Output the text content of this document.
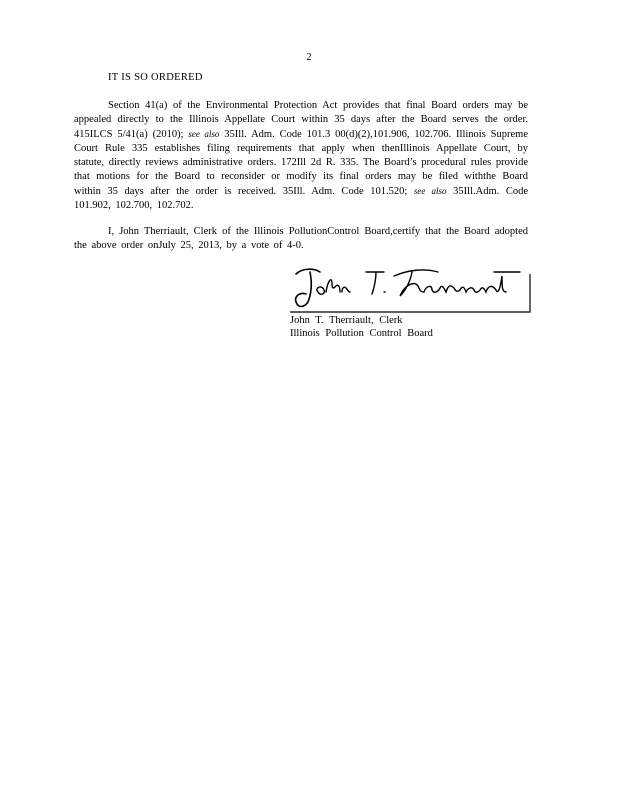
2
IT IS SO ORDERED

Section 41(a) of the Environmental Protection Act provides that final Board orders may be appealed directly to the Illinois Appellate Court within 35 days after the Board serves the order. 415ILCS 5/41(a) (2010); see also 35Ill. Adm. Code 101.3 00(d)(2),101.906, 102.706. Illinois Supreme Court Rule 335 establishes filing requirements that apply when thenIllinois Appellate Court, by statute, directly reviews administrative orders. 172Ill 2d R. 335. The Board’s procedural rules provide that motions for the Board to reconsider or modify its final orders may be filed withthe Board within 35 days after the order is received. 35Ill. Adm. Code 101.520; see also 35Ill.Adm. Code 101.902, 102.700, 102.702.

I, John Therriault, Clerk of the Illinois PollutionControl Board,certify that the Board adopted the above order onJuly 25, 2013, by a vote of 4-0.

John T. Therriault, Clerk
Illinois Pollution Control Board
